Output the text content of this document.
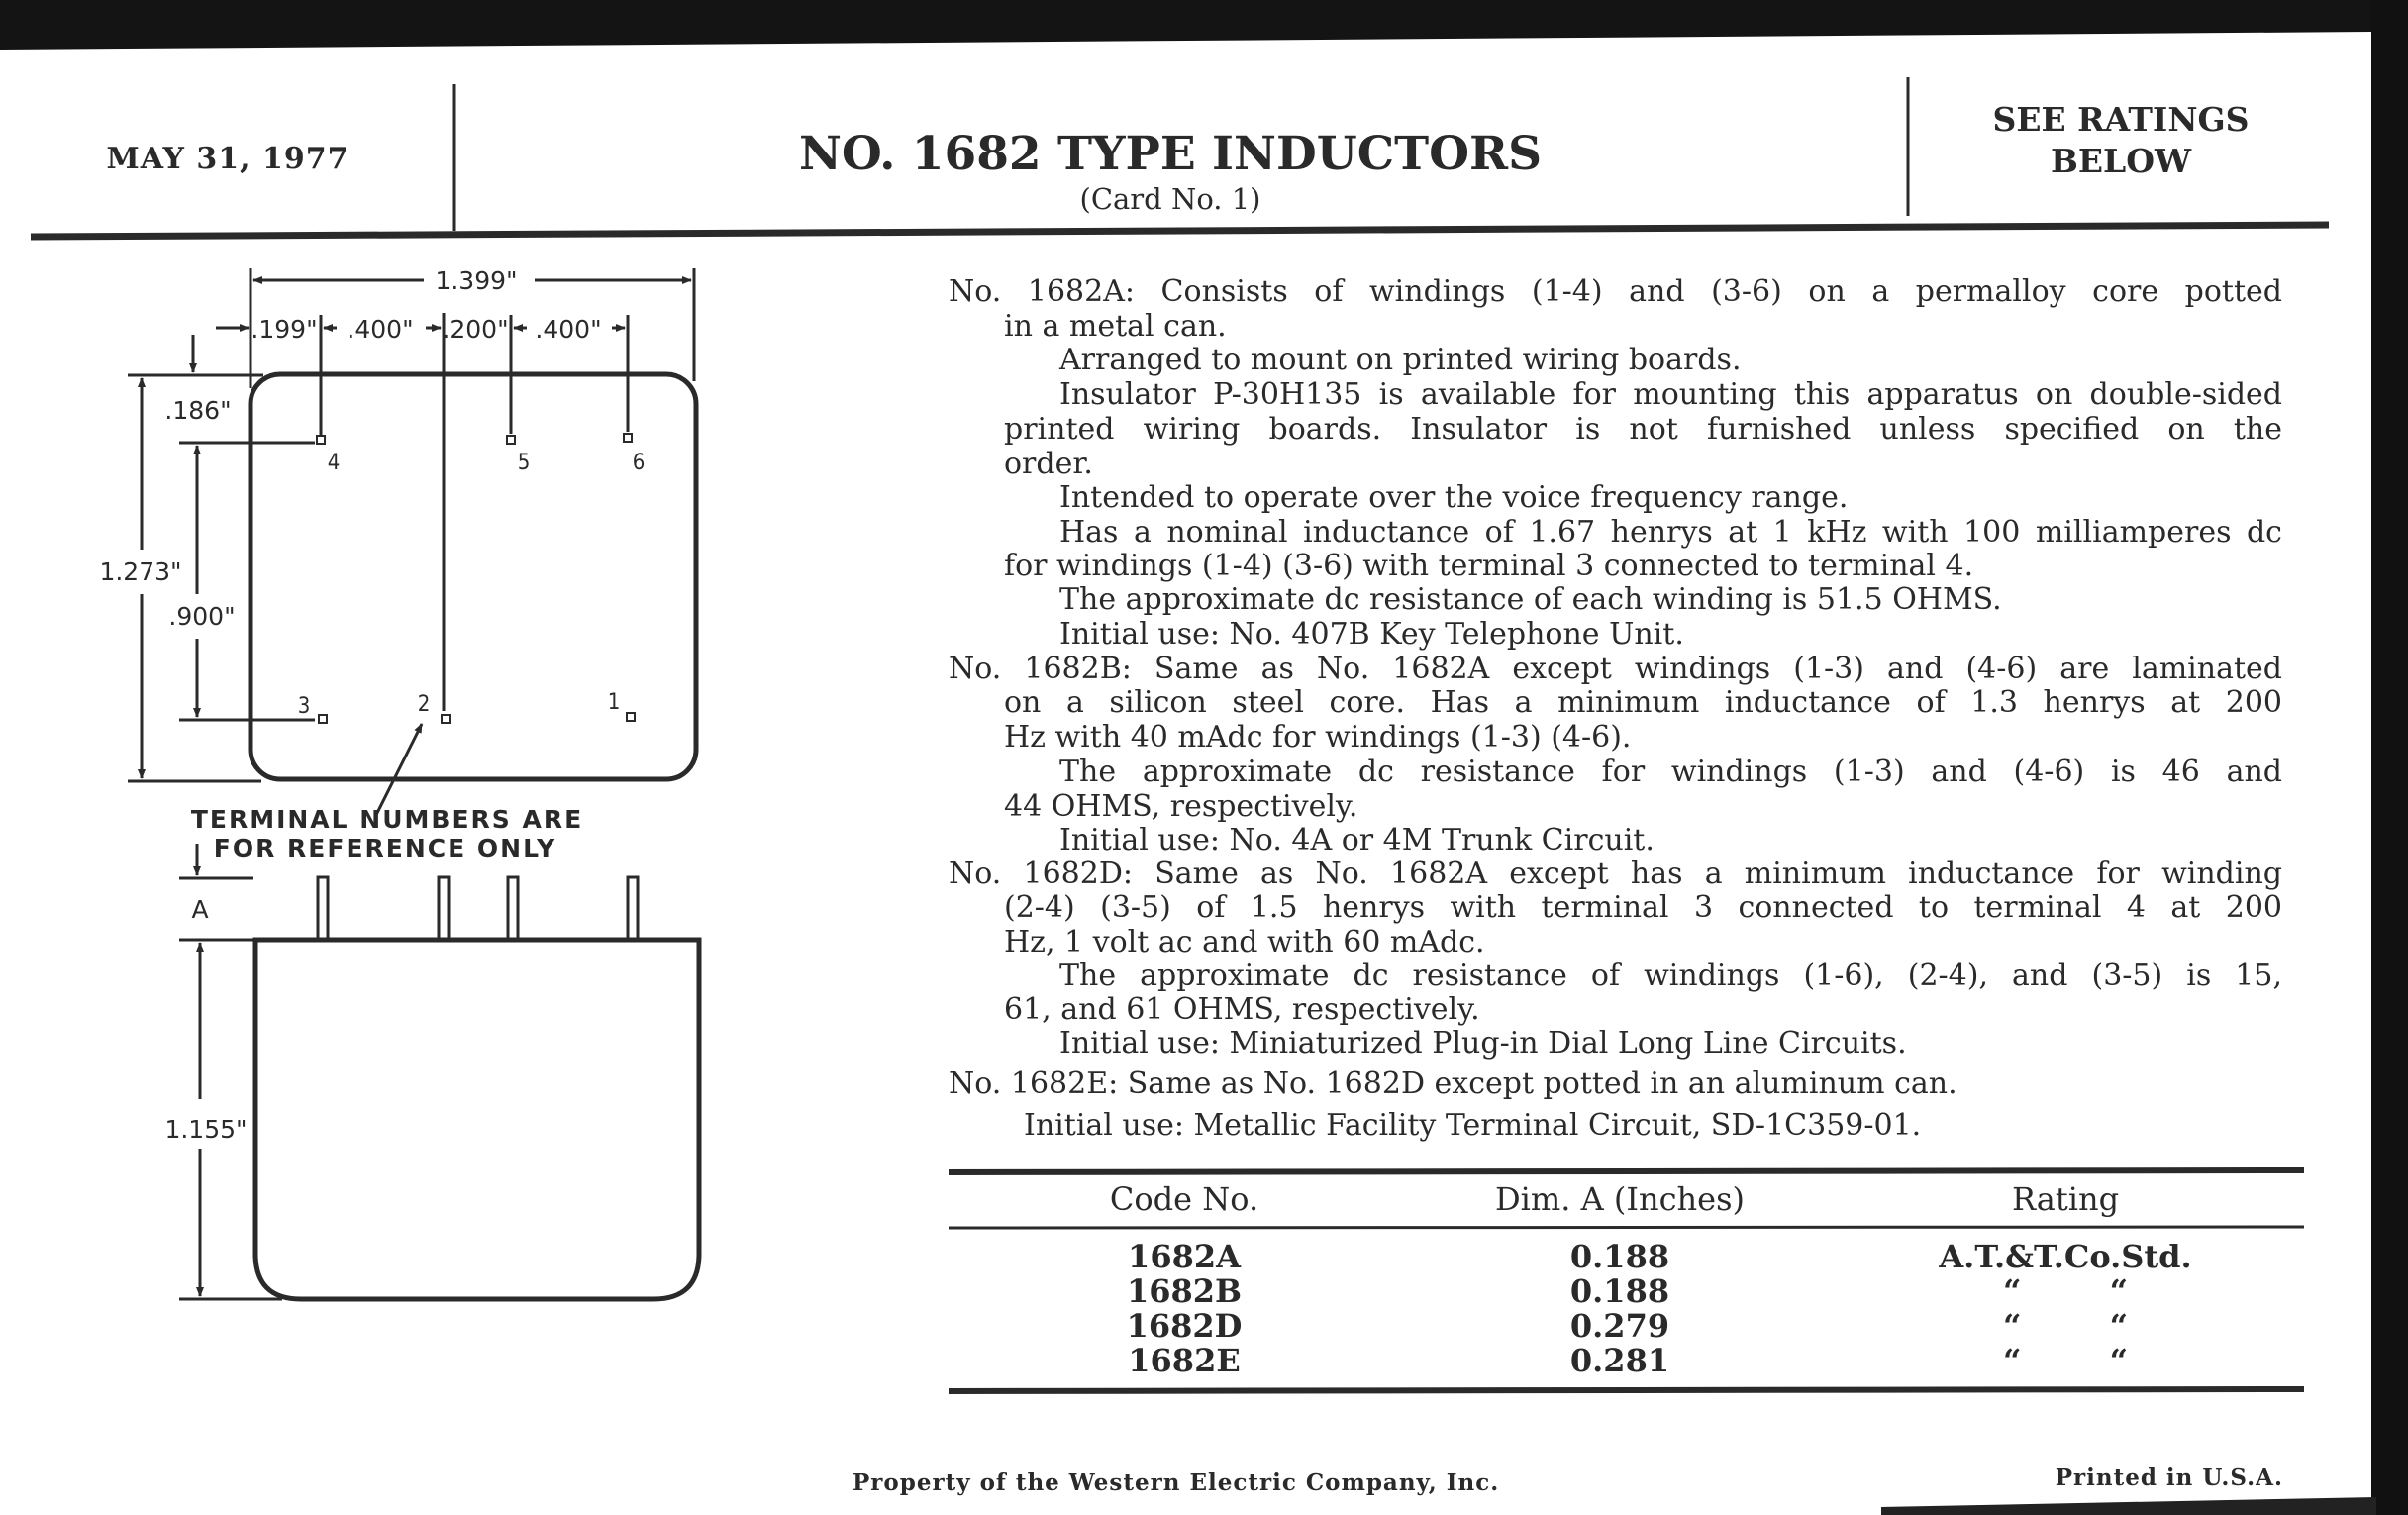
MAY 31, 1977	NO. 1682 TYPE INDUCTORS
(Card No. 1)
SEE RATINGS
BELOW
1.399"
.199" .400" .200" .400"
.186"
.900"
1.273"
4	5	6
3	2	1
TERMINAL NUMBERS ARE
FOR REFERENCE ONLY
A
1.155"
No. 1682A: Consists of windings (1-4) and (3-6) on a permalloy core potted
in a metal can.
Arranged to mount on printed wiring boards.
Insulator P-30H135 is available for mounting this apparatus on double-sided
printed wiring boards. Insulator is not furnished unless specified on the
order.
Intended to operate over the voice frequency range.
Has a nominal inductance of 1.67 henrys at 1 kHz with 100 milliamperes dc
for windings (1-4) (3-6) with terminal 3 connected to terminal 4.
The approximate dc resistance of each winding is 51.5 OHMS.
Initial use: No. 407B Key Telephone Unit.
No. 1682B: Same as No. 1682A except windings (1-3) and (4-6) are laminated
on a silicon steel core. Has a minimum inductance of 1.3 henrys at 200
Hz with 40 mAdc for windings (1-3) (4-6).
The approximate dc resistance for windings (1-3) and (4-6) is 46 and
44 OHMS, respectively.
Initial use: No. 4A or 4M Trunk Circuit.
No. 1682D: Same as No. 1682A except has a minimum inductance for winding
(2-4) (3-5) of 1.5 henrys with terminal 3 connected to terminal 4 at 200
Hz, 1 volt ac and with 60 mAdc.
The approximate dc resistance of windings (1-6), (2-4), and (3-5) is 15,
61, and 61 OHMS, respectively.
Initial use: Miniaturized Plug-in Dial Long Line Circuits.
No. 1682E: Same as No. 1682D except potted in an aluminum can.
Initial use: Metallic Facility Terminal Circuit, SD-1C359-01.
Code No.	Dim. A (Inches)	Rating
1682A	0.188	A.T.&T.Co.Std.
1682B	0.188	“        “
1682D	0.279	“        “
1682E	0.281	“        “
Property of the Western Electric Company, Inc.	Printed in U.S.A.
